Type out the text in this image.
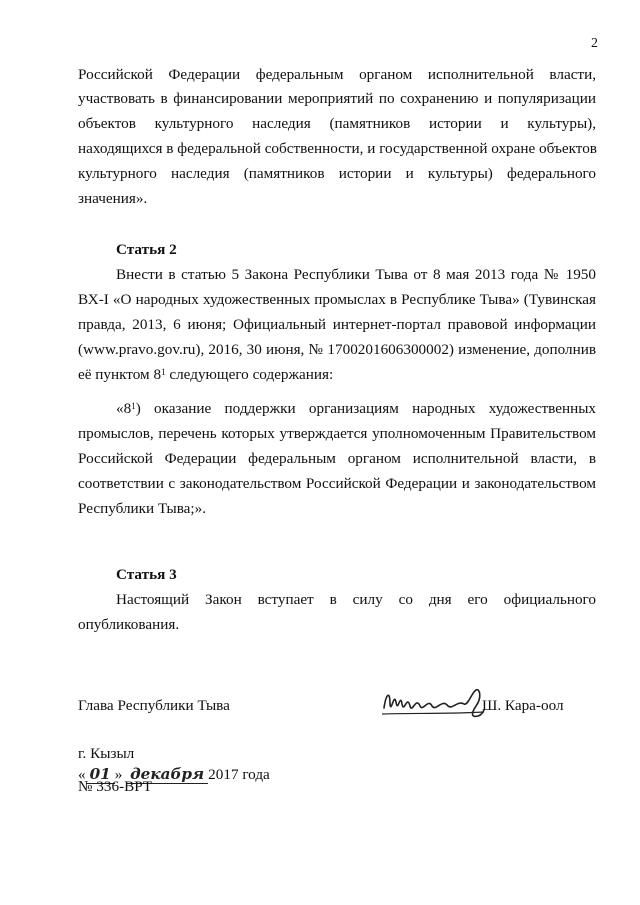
2
Российской Федерации федеральным органом исполнительной власти,
участвовать в финансировании мероприятий по сохранению и популяризации
объектов культурного наследия (памятников истории и культуры),
находящихся в федеральной собственности, и государственной охране объектов
культурного наследия (памятников истории и культуры) федерального
значения».
Статья 2
Внести в статью 5 Закона Республики Тыва от 8 мая 2013 года № 1950
ВХ-I «О народных художественных промыслах в Республике Тыва» (Тувинская
правда, 2013, 6 июня; Официальный интернет-портал правовой информации
(www.pravo.gov.ru), 2016, 30 июня, № 1700201606300002) изменение, дополнив
её пунктом $8^1$ следующего содержания:
«$8^1$) оказание поддержки организациям народных художественных
промыслов, перечень которых утверждается уполномоченным Правительством
Российской Федерации федеральным органом исполнительной власти, в
соответствии с законодательством Российской Федерации и законодательством
Республики Тыва;».
Статья 3
Настоящий Закон вступает в силу со дня его официального
опубликования.
Глава Республики Тыва	Ш. Кара-оол
г. Кызыл
« 01 » декабря 2017 года
№ 336-ВРТ
